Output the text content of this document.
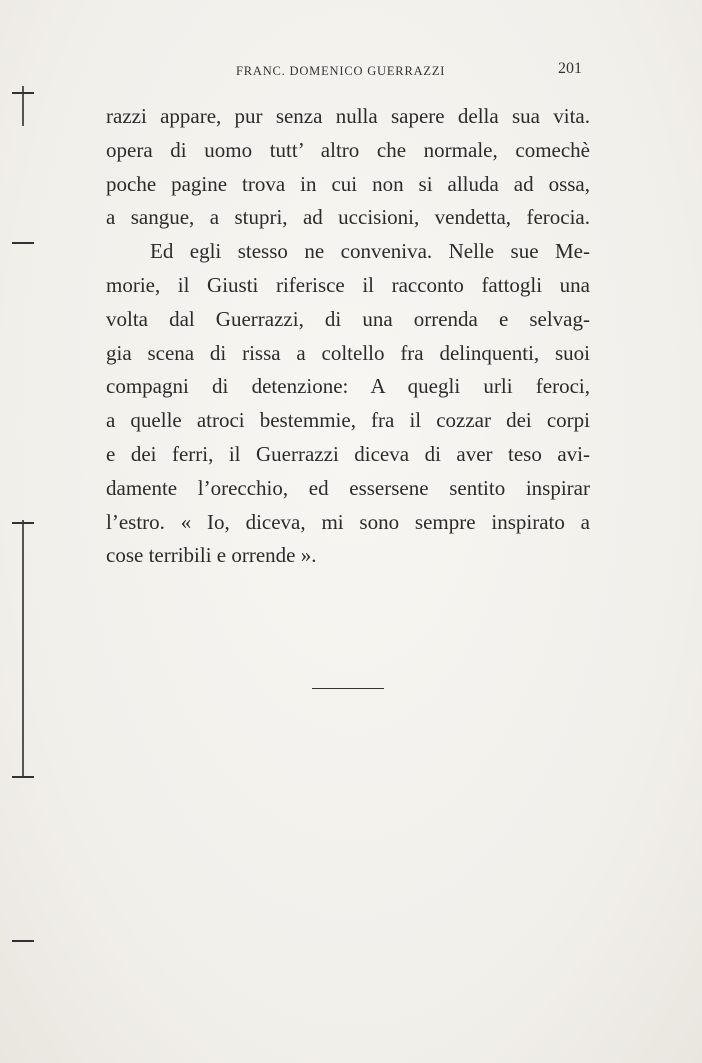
FRANC. DOMENICO GUERRAZZI	201
razzi appare, pur senza nulla sapere della sua vita.
opera di uomo tutt’ altro che normale, comechè
poche pagine trova in cui non si alluda ad ossa,
a sangue, a stupri, ad uccisioni, vendetta, ferocia.
Ed egli stesso ne conveniva. Nelle sue Me-
morie, il Giusti riferisce il racconto fattogli una
volta dal Guerrazzi, di una orrenda e selvag-
gia scena di rissa a coltello fra delinquenti, suoi
compagni di detenzione: A quegli urli feroci,
a quelle atroci bestemmie, fra il cozzar dei corpi
e dei ferri, il Guerrazzi diceva di aver teso avi-
damente l’orecchio, ed essersene sentito inspirar
l’estro. « Io, diceva, mi sono sempre inspirato a
cose terribili e orrende ».
